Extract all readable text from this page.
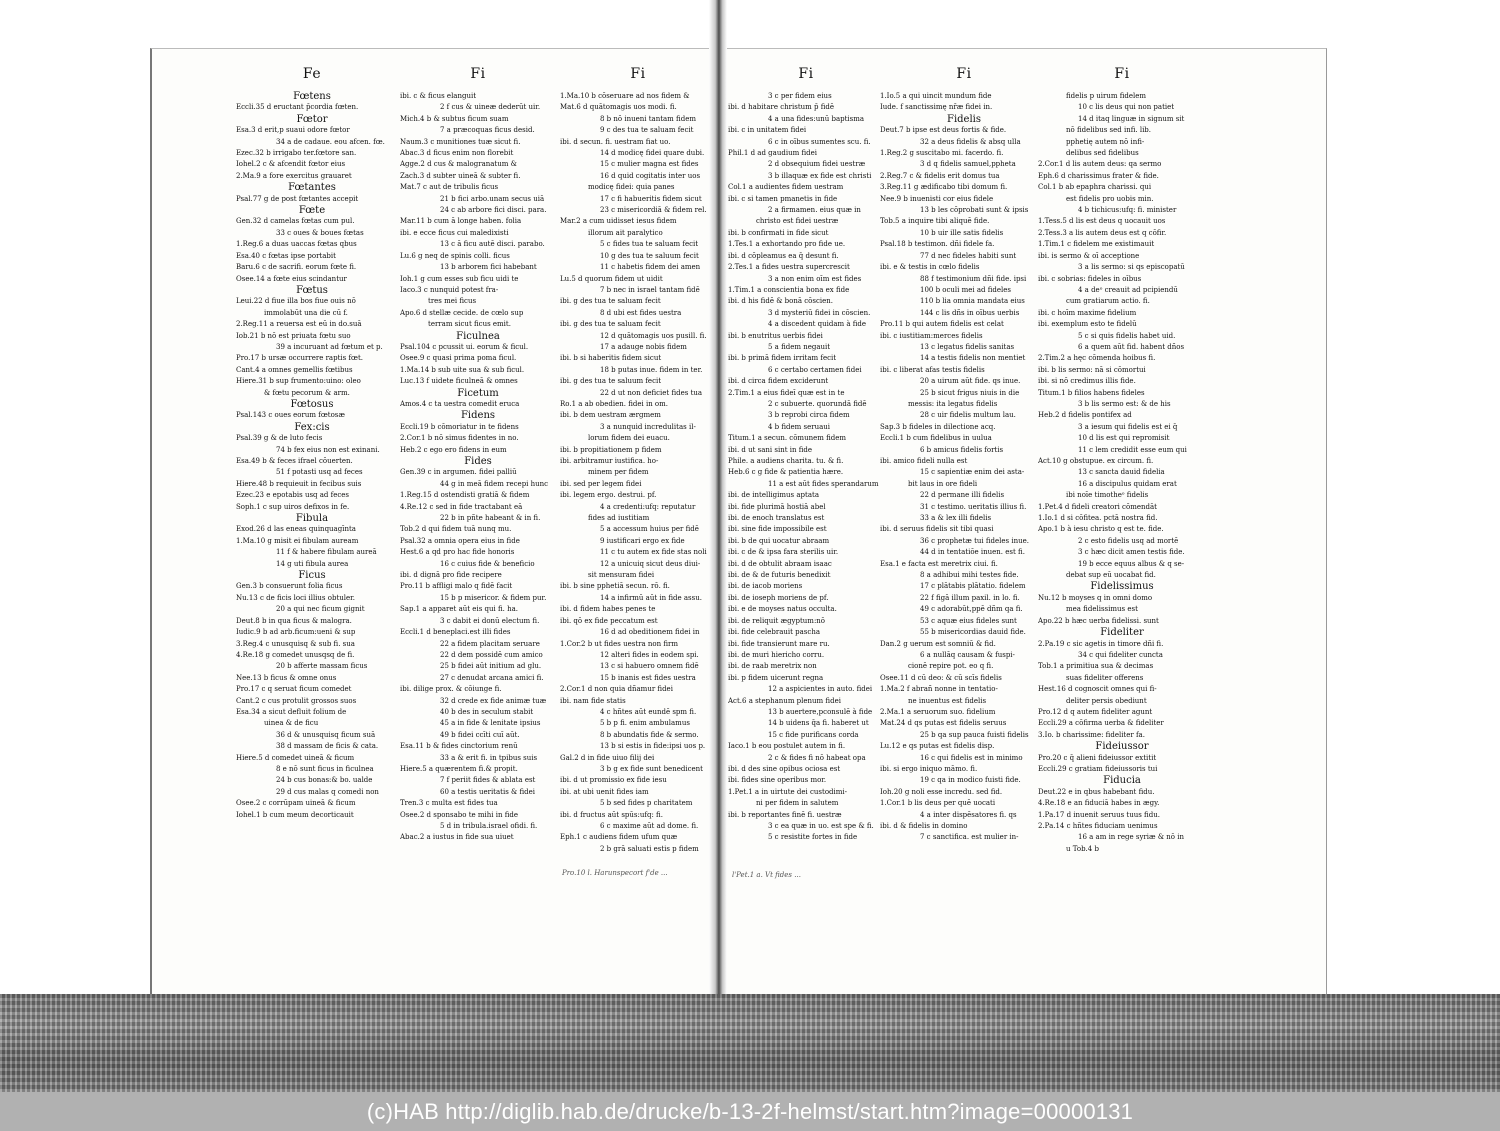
Fe
Fœtens
Eccli.35 d eructant p̄cordia fœten.
Fœtor
Esa.3 d erit,p suaui odore fœtor
34 a de cadaue. eou afcen. fœ.
Ezec.32 b irrigabo ter.fœtore san.
Iohel.2 c & afcendit fœtor eius
2.Ma.9 a fore exercitus grauaret
Fœtantes
Psal.77 g de post fœtantes accepit
Fœte
Gen.32 d camelas fœtas cum pul.
33 c oues & boues fœtas
1.Reg.6 a duas uaccas fœtas qbus
Esa.40 c fœtas ipse portabit
Baru.6 c de sacrifi. eorum fœte fi.
Osee.14 a fœte eius scindantur
Fœtus
Leui.22 d fiue illa bos fiue ouis nō
immolabūt una die cū f.
2.Reg.11 a reuersa est eū in do.suā
Iob.21 b nō est priuata fœtu suo
39 a incuruant ad fœtum et p.
Pro.17 b ursæ occurrere raptis fœt.
Cant.4 a omnes gemellis fœtibus
Hiere.31 b sup frumento:uino: oleo
& fœtu pecorum & arm.
Fœtosus
Psal.143 c oues eorum fœtosæ
Fex:cis
Psal.39 g & de luto fecis
74 b fex eius non est exinani.
Esa.49 b & feces ifrael cōuerten.
51 f potasti usq ad feces
Hiere.48 b requieuit in fecibus suis
Ezec.23 e epotabis usq ad feces
Soph.1 c sup uiros defixos in fe.
Fibula
Exod.26 d las eneas quinquagīnta
1.Ma.10 g misit ei fibulam auream
11 f & habere fibulam aureā
14 g uti fibula aurea
Ficus
Gen.3 b consuerunt folia ficus
Nu.13 c de ficis loci illius obtuler.
20 a qui nec ficum gignit
Deut.8 b in qua ficus & malogra.
Iudic.9 b ad arb.ficum:ueni & sup
3.Reg.4 c unusquisq & sub fi. sua
4.Re.18 g comedet unusqsq de fi.
20 b afferte massam ficus
Nee.13 b ficus & omne onus
Pro.17 c q seruat ficum comedet
Cant.2 c cus protulit grossos suos
Esa.34 a sicut defluit folium de
uinea & de ficu
36 d & unusquisq ficum suā
38 d massam de ficis & cata.
Hiere.5 d comedet uineā & ficum
8 e nō sunt ficus in ficulnea
24 b cus bonas:& bo. ualde
29 d cus malas q comedi non
Osee.2 c corrūpam uineā & ficum
Iohel.1 b cum meum decorticauit
Fi
ibi. c & ficus elanguit
2 f cus & uineæ dederūt uir.
Mich.4 b & subtus ficum suam
7 a præcoquas ficus desid.
Naum.3 c munitiones tuæ sicut fi.
Abac.3 d ficus enim non florebit
Agge.2 d cus & malogranatum &
Zach.3 d subter uineā & subter fi.
Mat.7 c aut de tribulis ficus
21 b fici arbo.unam secus uiā
24 c ab arbore fici disci. para.
Mar.11 b cum ā longe haben. folia
ibi. e ecce ficus cui maledixisti
13 c ā ficu autē disci. parabo.
Lu.6 g neq de spinis colli. ficus
13 b arborem fici habebant
Ioh.1 g cum esses sub ficu uidi te
Iaco.3 c nunquid potest fra-
tres mei ficus
Apo.6 d stellæ cecide. de cœlo sup
terram sicut ficus emit.
Ficulnea
Psal.104 c pcussit ui. eorum & ficul.
Osee.9 c quasi prima poma ficul.
1.Ma.14 b sub uite sua & sub ficul.
Luc.13 f uidete ficulneā & omnes
Ficetum
Amos.4 c ta uestra comedit eruca
Fidens
Eccli.19 b cōmoriatur in te fidens
2.Cor.1 b nō simus fidentes in no.
Heb.2 c ego ero fidens in eum
Fides
Gen.39 c in argumen. fidei palliū
44 g in meā fidem recepi hunc
1.Reg.15 d ostendisti gratiā & fidem
4.Re.12 c sed in fide tractabant eā
22 b in pñte habeant & in fi.
Tob.2 d qui fidem tuā nunq mu.
Psal.32 a omnia opera eius in fide
Hest.6 a qd pro hac fide honoris
16 c cuius fide & beneficio
ibi. d dignā pro fide recipere
Pro.11 b affligi malo q fidē facit
15 b p misericor. & fidem pur.
Sap.1 a apparet aūt eis qui fi. ha.
3 c dabit ei donū electum fi.
Eccli.1 d beneplaci.est illi fides
22 a fidem placitam seruare
22 d dem possidē cum amico
25 b fidei aūt initium ad glu.
27 c denudat arcana amici fi.
ibi. dilige prox. & cōiunge fi.
32 d crede ex fide animæ tuæ
40 b des in seculum stabit
45 a in fide & lenitate ipsius
49 b fidei ccīti cuī aūt.
Esa.11 b & fides cinctorium renū
33 a & erit fi. in tpibus suis
Hiere.5 a quærentem fi.& propit.
7 f periit fides & ablata est
60 a testis ueritatis & fidei
Tren.3 c multa est fides tua
Osee.2 d sponsabo te mihi in fide
5 d in tribula.israel ofidi. fi.
Abac.2 a iustus in fide sua uiuet
Fi
1.Ma.10 b cōseruare ad nos fidem &
Mat.6 d quātomagis uos modi. fi.
8 b nō inueni tantam fidem
9 c des tua te saluam fecit
ibi. d secun. fi. uestram fiat uo.
14 d modicę fidei quare dubi.
15 c mulier magna est fides
16 d quid cogitatis inter uos
modicę fidei: quia panes
17 c fi habueritis fidem sicut
23 c misericordiā & fidem rel.
Mar.2 a cum uidisset iesus fidem
illorum ait paralytico
5 c fides tua te saluam fecit
10 g des tua te saluum fecit
11 c habetis fidem dei amen
Lu.5 d quorum fidem ut uidit
7 b nec in israel tantam fidē
ibi. g des tua te saluam fecit
8 d ubi est fides uestra
ibi. g des tua te saluam fecit
12 d quātomagis uos pusill. fi.
17 a adauge nobis fidem
ibi. b si haberitis fidem sicut
18 b putas inue. fidem in ter.
ibi. g des tua te saluum fecit
22 d ut non deficiet fides tua
Ro.1 a ab obedien. fidei in om.
ibi. b dem uestram ærgmem
3 a nunquid incredulitas il-
lorum fidem dei euacu.
ibi. b propitiationem p fidem
ibi. arbitramur iustifica. ho-
minem per fidem
ibi. sed per legem fidei
ibi. legem ergo. destrui. pf.
4 a credenti:ufq: reputatur
fides ad iustitiam
5 a accessum huius per fidē
9 iustificari ergo ex fide
11 c tu autem ex fide stas noli
12 a unicuiq sicut deus diui-
sit mensuram fidei
ibi. b sine pphetiā secun. rō. fi.
14 a infirmū aūt in fide assu.
ibi. d fidem habes penes te
ibi. qō ex fide peccatum est
16 d ad obeditionem fidei in
1.Cor.2 b ut fides uestra non firm
12 alteri fides in eodem spi.
13 c si habuero omnem fidē
15 b inanis est fides uestra
2.Cor.1 d non quia dñamur fidei
ibi. nam fide statis
4 c hñtes aūt eundē spm fi.
5 b p fi. enim ambulamus
8 b abundatis fide & sermo.
13 b si estis in fide:ipsi uos p.
Gal.2 d in fide uiuo filij dei
3 b g ex fide sunt benedicent
ibi. d ut promissio ex fide iesu
ibi. at ubi uenit fides iam
5 b sed fides p charitatem
ibi. d fructus aūt spūs:ufq: fi.
6 c maxime aūt ad dome. fi.
Eph.1 c audiens fidem ufum quæ
2 b grā saluati estis p fidem
Pro.10 l. Harunspecort f'de ...
Fi
3 c per fidem eius
ibi. d habitare christum p̄ fidē
4 a una fides:unū baptisma
ibi. c in unitatem fidei
6 c in oībus sumentes scu. fi.
Phil.1 d ad gaudium fidei
2 d obsequium fidei uestræ
3 b illaquæ ex fide est christi
Col.1 a audientes fidem uestram
ibi. c si tamen pmanetis in fide
2 a firmamen. eius quæ in
christo est fidei uestræ
ibi. b confirmati in fide sicut
1.Tes.1 a exhortando pro fide ue.
ibi. d cōpleamus ea q̄ desunt fi.
2.Tes.1 a fides uestra supercrescit
3 a non enim oīm est fides
1.Tim.1 a conscientia bona ex fide
ibi. d his fidē & bonā cōscien.
3 d mysteriū fidei in cōscien.
4 a discedent quidam à fide
ibi. b enutritus uerbis fidei
5 a fidem negauit
ibi. b primā fidem irritam fecit
6 c certabo certamen fidei
ibi. d circa fidem exciderunt
2.Tim.1 a eius fideī quæ est in te
2 c subuerte. quorundā fidē
3 b reprobi circa fidem
4 b fidem seruaui
Titum.1 a secun. cōmunem fidem
ibi. d ut sani sint in fide
Phile. a audiens charita. tu. & fi.
Heb.6 c g fide & patientia hære.
11 a est aūt fides sperandarum
ibi. de intelligimus aptata
ibi. fide plurimā hostiā abel
ibi. de enoch translatus est
ibi. sine fide impossibile est
ibi. b de qui uocatur abraam
ibi. c de & ipsa fara sterilis uir.
ibi. d de obtulit abraam isaac
ibi. de & de futuris benedixit
ibi. de iacob moriens
ibi. de ioseph moriens de pf.
ibi. e de moyses natus occulta.
ibi. de reliquit ægyptum:nō
ibi. fide celebrauit pascha
ibi. fide transierunt mare ru.
ibi. de muri hiericho corru.
ibi. de raab meretrix non
ibi. p fidem uicerunt regna
12 a aspicientes in auto. fidei
Act.6 a stephanum plenum fidei
13 b auertere,pconsulē à fide
14 b uidens q̄a fi. haberet ut
15 c fide purificans corda
Iaco.1 b eou postulet autem in fi.
2 c & fides fi nō habeat opa
ibi. d des sine opibus ociosa est
ibi. fides sine operibus mor.
1.Pet.1 a in uirtute dei custodimi-
ni per fidem in salutem
ibi. b reportantes finē fi. uestræ
3 c ea quæ in uo. est spe & fi.
5 c resistite fortes in fide
Fi
1.Io.5 a qui uincit mundum fide
Iude. f sanctissimę nr̄æ fidei in.
Fidelis
Deut.7 b ipse est deus fortis & fide.
32 a deus fidelis & absq ulla
1.Reg.2 g suscitabo mi. facerdo. fi.
3 d q fidelis samuel,ppheta
2.Reg.7 c & fidelis erit domus tua
3.Reg.11 g ædificabo tibi domum fi.
Nee.9 b inuenisti cor eius fidele
13 b les cōprobati sunt & ipsis
Tob.5 a inquire tibi aliquē fide.
10 b uir ille satis fidelis
Psal.18 b testimon. dñi fidele fa.
77 d nec fideles habiti sunt
ibi. e & testis in cœlo fidelis
88 f testimonium dñi fide. ipsi
100 b oculi mei ad fideles
110 b lia omnia mandata eius
144 c lis dñs in oībus uerbis
Pro.11 b qui autem fidelis est celat
ibi. c iustitiam:merces fidelis
13 c legatus fidelis sanitas
14 a testis fidelis non mentiet
ibi. c liberat afas testis fidelis
20 a uirum aūt fide. qs inue.
25 b sicut frigus niuis in die
messis: ita legatus fidelis
28 c uir fidelis multum lau.
Sap.3 b fideles in dilectione acq.
Eccli.1 b cum fidelibus in uulua
6 b amicus fidelis fortis
ibi. amico fideli nulla est
15 c sapientiæ enim dei asta-
bit laus in ore fideli
22 d permane illi fidelis
31 c testimo. ueritatis illius fi.
33 a & lex illi fidelis
ibi. d seruus fidelis sit tibi quasi
36 c prophetæ tui fideles inue.
44 d in tentatiōe inuen. est fi.
Esa.1 e facta est meretrix ciui. fi.
8 a adhibui mihi testes fide.
17 c plātabis plātatio. fidelem
22 f figā illum paxil. in lo. fi.
49 c adorabūt,ppē dñm qa fi.
53 c aquæ eius fideles sunt
55 b misericordias dauid fide.
Dan.2 g uerum est somniū & fid.
6 a nullāq causam & fuspi-
cionē repire pot. eo q fi.
Osee.11 d cū deo: & cū scīs fidelis
1.Ma.2 f abrañ nonne in tentatio-
ne inuentus est fidelis
2.Ma.1 a seruorum suo. fidelium
Mat.24 d qs putas est fidelis seruus
25 b qa sup pauca fuisti fidelis
Lu.12 e qs putas est fidelis disp.
16 c qui fidelis est in minimo
ibi. si ergo iniquo māmo. fi.
19 c qa in modico fuisti fide.
Ioh.20 g noli esse incredu. sed fid.
1.Cor.1 b lis deus per quē uocati
4 a inter dispēsatores fi. qs
ibi. d & fidelis in domino
7 c sanctifica. est mulier in-
Fi
fidelis p uirum fidelem
10 c lis deus qui non patiet
14 d itaq linguæ in signum sit
nō fidelibus sed infi. lib.
pphetię autem nō infi-
delibus sed fidelibus
2.Cor.1 d lis autem deus: qa sermo
Eph.6 d charissimus frater & fide.
Col.1 b ab epaphra charissi. qui
est fidelis pro uobis min.
4 b tichicus:ufq: fi. minister
1.Tess.5 d lis est deus q uocauit uos
2.Tess.3 a lis autem deus est q cōfir.
1.Tim.1 c fidelem me existimauit
ibi. is sermo & oī acceptione
3 a lis sermo: si qs episcopatū
ibi. c sobrias: fideles in oībus
4 a deᵒ creauit ad pcipiendū
cum gratiarum actio. fi.
ibi. c hoīm maxime fidelium
ibi. exemplum esto te fidelū
5 c si quis fidelis habet uid.
6 a quem aūt fid. habent dños
2.Tim.2 a hęc cōmenda hoibus fi.
ibi. b lis sermo: nā si cōmortui
ibi. si nō credimus illis fide.
Titum.1 b filios habens fideles
3 b lis sermo est: & de his
Heb.2 d fidelis pontifex ad
3 a iesum qui fidelis est ei q̄
10 d lis est qui repromisit
11 c lem credidit esse eum qui
Act.10 g obstupue. ex circum. fi.
13 c sancta dauid fidelia
16 a discipulus quidam erat
ibi noīe timotheᵒ fidelis
1.Pet.4 d fideli creatori cōmendāt
1.Io.1 d si cōfitea. pctā nostra fid.
Apo.1 b à iesu christo q est te. fide.
2 c esto fidelis usq ad mortē
3 c hæc dicit amen testis fide.
19 b ecce equus albus & q se-
debat sup eū uocabat fid.
Fidelissimus
Nu.12 b moyses q in omni domo
mea fidelissimus est
Apo.22 b hæc uerba fidelissi. sunt
Fideliter
2.Pa.19 c sic agetis in timore dñi fi.
34 c qui fideliter cuncta
Tob.1 a primitiua sua & decimas
suas fideliter offerens
Hest.16 d cognoscit omnes qui fi-
deliter persis obediunt
Pro.12 d q autem fideliter agunt
Eccli.29 a cōfirma uerba & fideliter
3.Io. b charissime: fideliter fa.
Fideiussor
Pro.20 c q̄ alieni fideiussor extitit
Eccli.29 c gratiam fideiussoris tui
Fiducia
Deut.22 e in qbus habebant fidu.
4.Re.18 e an fiduciā habes in ægy.
1.Pa.17 d inuenit seruus tuus fidu.
2.Pa.14 c hñtes fiduciam uenimus
16 a am in rege syriæ & nō in
u Tob.4 b
l'Pet.1 a. Vt fides ...
(c)HAB http://diglib.hab.de/drucke/b-13-2f-helmst/start.htm?image=00000131
